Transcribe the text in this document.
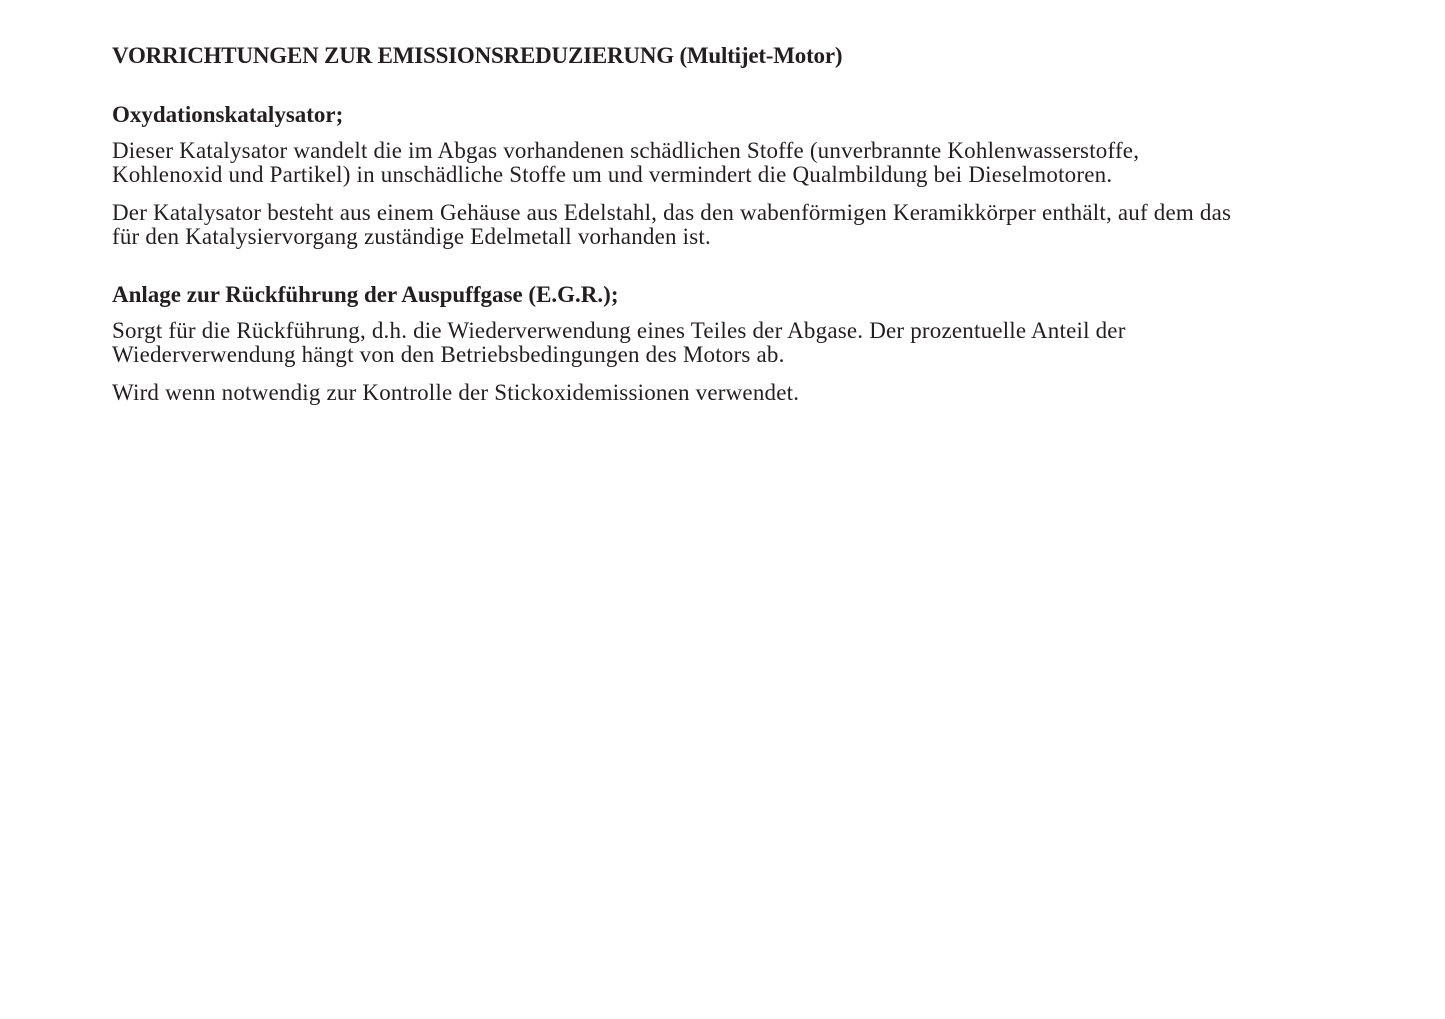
VORRICHTUNGEN ZUR EMISSIONSREDUZIERUNG (Multijet-Motor)
Oxydationskatalysator;

Dieser Katalysator wandelt die im Abgas vorhandenen schädlichen Stoffe (unverbrannte Kohlenwasserstoffe,
Kohlenoxid und Partikel) in unschädliche Stoffe um und vermindert die Qualmbildung bei Dieselmotoren.

Der Katalysator besteht aus einem Gehäuse aus Edelstahl, das den wabenförmigen Keramikkörper enthält, auf dem das
für den Katalysiervorgang zuständige Edelmetall vorhanden ist.

Anlage zur Rückführung der Auspuffgase (E.G.R.);

Sorgt für die Rückführung, d.h. die Wiederverwendung eines Teiles der Abgase. Der prozentuelle Anteil der
Wiederverwendung hängt von den Betriebsbedingungen des Motors ab.

Wird wenn notwendig zur Kontrolle der Stickoxidemissionen verwendet.
